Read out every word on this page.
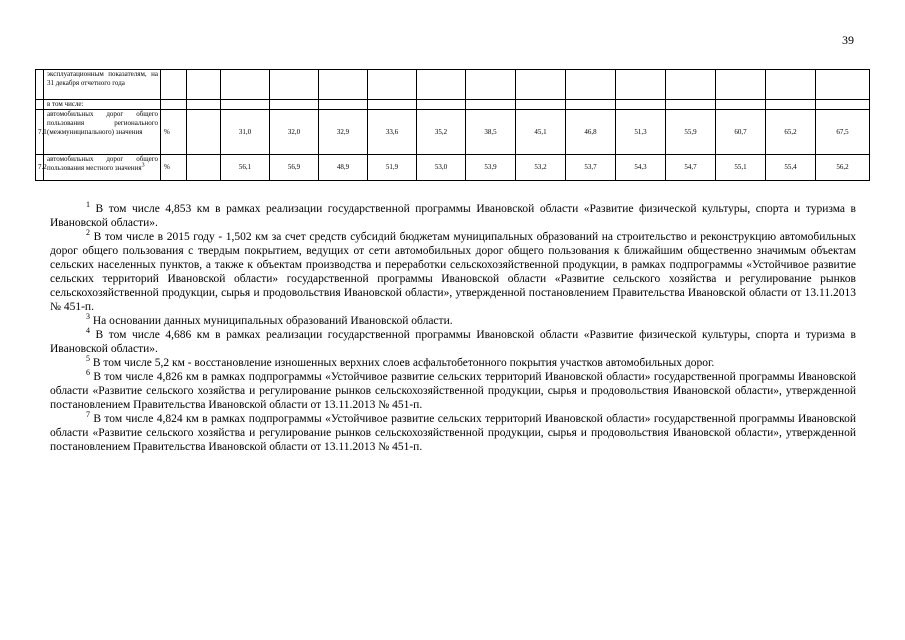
39
	эксплуатационным показателям, на 31 декабря отчетного года															
	в том числе:															
7.1	автомобильных дорог общего пользования регионального (межмуниципального) значения	%		31,0	32,0	32,9	33,6	35,2	38,5	45,1	46,8	51,3	55,9	60,7	65,2	67,5
7.2	автомобильных дорог общего пользования местного значения$^3$	%		56,1	56,9	48,9	51,9	53,0	53,9	53,2	53,7	54,3	54,7	55,1	55,4	56,2

$^1$ В том числе 4,853 км в рамках реализации государственной программы Ивановской области «Развитие физической культуры, спорта и туризма в Ивановской области».

$^2$ В том числе в 2015 году - 1,502 км за счет средств субсидий бюджетам муниципальных образований на строительство и реконструкцию автомобильных дорог общего пользования с твердым покрытием, ведущих от сети автомобильных дорог общего пользования к ближайшим общественно значимым объектам сельских населенных пунктов, а также к объектам производства и переработки сельскохозяйственной продукции, в рамках подпрограммы «Устойчивое развитие сельских территорий Ивановской области» государственной программы Ивановской области «Развитие сельского хозяйства и регулирование рынков сельскохозяйственной продукции, сырья и продовольствия Ивановской области», утвержденной постановлением Правительства Ивановской области от 13.11.2013 № 451-п.

$^3$ На основании данных муниципальных образований Ивановской области.

$^4$ В том числе 4,686 км в рамках реализации государственной программы Ивановской области «Развитие физической культуры, спорта и туризма в Ивановской области».

$^5$ В том числе 5,2 км - восстановление изношенных верхних слоев асфальтобетонного покрытия участков автомобильных дорог.

$^6$ В том числе 4,826 км в рамках подпрограммы «Устойчивое развитие сельских территорий Ивановской области» государственной программы Ивановской области «Развитие сельского хозяйства и регулирование рынков сельскохозяйственной продукции, сырья и продовольствия Ивановской области», утвержденной постановлением Правительства Ивановской области от 13.11.2013 № 451-п.

$^7$ В том числе 4,824 км в рамках подпрограммы «Устойчивое развитие сельских территорий Ивановской области» государственной программы Ивановской области «Развитие сельского хозяйства и регулирование рынков сельскохозяйственной продукции, сырья и продовольствия Ивановской области», утвержденной постановлением Правительства Ивановской области от 13.11.2013 № 451-п.
